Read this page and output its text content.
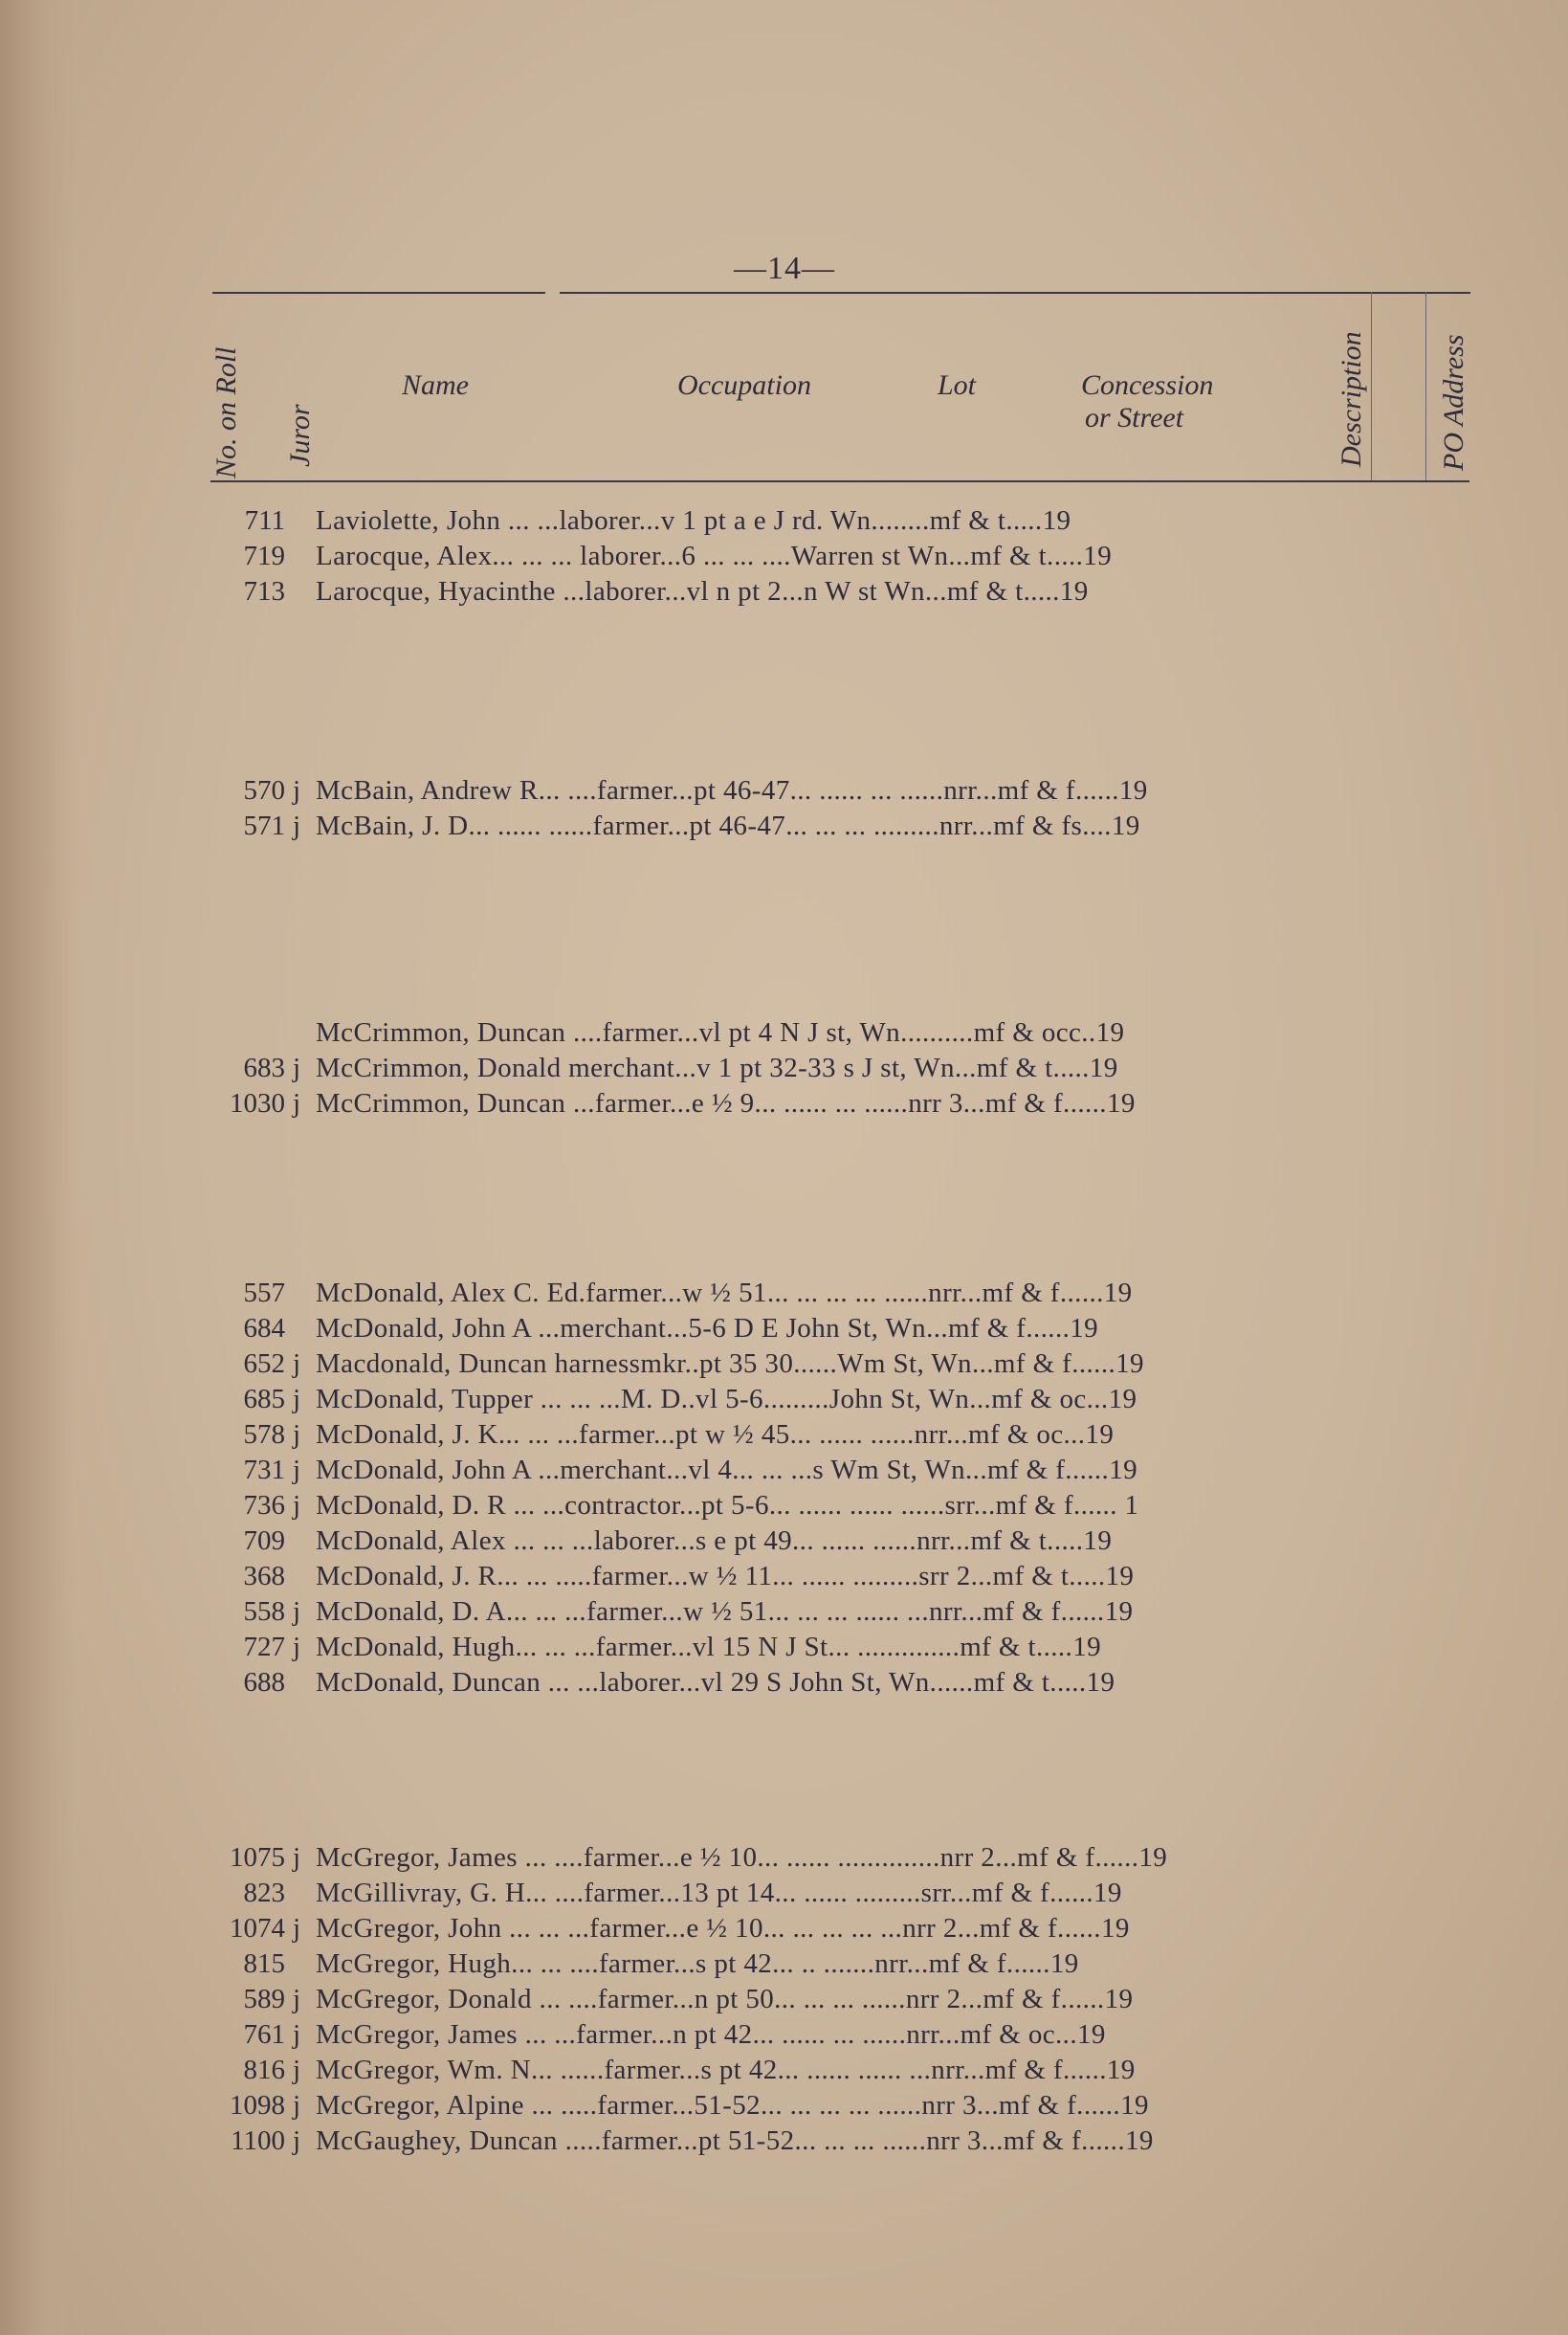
—14—
No. on Roll Juror
Name	Occupation	Lot	Concession
or Street	Description PO Address
711 Laviolette, John ... ...laborer...v 1 pt a e J rd. Wn........mf & t.....19
719 Larocque, Alex... ... ... laborer...6 ... ... ....Warren st Wn...mf & t.....19
713 Larocque, Hyacinthe ...laborer...vl n pt 2...n W st Wn...mf & t.....19
570 j McBain, Andrew R... ....farmer...pt 46-47... ...... ... ......nrr...mf & f......19
571 j McBain, J. D... ...... ......farmer...pt 46-47... ... ... .........nrr...mf & fs....19
McCrimmon, Duncan ....farmer...vl pt 4 N J st, Wn..........mf & occ..19
683 j McCrimmon, Donald merchant...v 1 pt 32-33 s J st, Wn...mf & t.....19
1030 j McCrimmon, Duncan ...farmer...e ½ 9... ...... ... ......nrr 3...mf & f......19
557 McDonald, Alex C. Ed.farmer...w ½ 51... ... ... ... ......nrr...mf & f......19
684 McDonald, John A ...merchant...5-6 D E John St, Wn...mf & f......19
652 j Macdonald, Duncan harnessmkr..pt 35 30......Wm St, Wn...mf & f......19
685 j McDonald, Tupper ... ... ...M. D..vl 5-6.........John St, Wn...mf & oc...19
578 j McDonald, J. K... ... ...farmer...pt w ½ 45... ...... ......nrr...mf & oc...19
731 j McDonald, John A ...merchant...vl 4... ... ...s Wm St, Wn...mf & f......19
736 j McDonald, D. R ... ...contractor...pt 5-6... ...... ...... ......srr...mf & f...... 1
709 McDonald, Alex ... ... ...laborer...s e pt 49... ...... ......nrr...mf & t.....19
368 McDonald, J. R... ... .....farmer...w ½ 11... ...... .........srr 2...mf & t.....19
558 j McDonald, D. A... ... ...farmer...w ½ 51... ... ... ...... ...nrr...mf & f......19
727 j McDonald, Hugh... ... ...farmer...vl 15 N J St... ..............mf & t.....19
688 McDonald, Duncan ... ...laborer...vl 29 S John St, Wn......mf & t.....19
1075 j McGregor, James ... ....farmer...e ½ 10... ...... ..............nrr 2...mf & f......19
823 McGillivray, G. H... ....farmer...13 pt 14... ...... .........srr...mf & f......19
1074 j McGregor, John ... ... ...farmer...e ½ 10... ... ... ... ...nrr 2...mf & f......19
815 McGregor, Hugh... ... ....farmer...s pt 42... .. .......nrr...mf & f......19
589 j McGregor, Donald ... ....farmer...n pt 50... ... ... ......nrr 2...mf & f......19
761 j McGregor, James ... ...farmer...n pt 42... ...... ... ......nrr...mf & oc...19
816 j McGregor, Wm. N... ......farmer...s pt 42... ...... ...... ...nrr...mf & f......19
1098 j McGregor, Alpine ... .....farmer...51-52... ... ... ... ......nrr 3...mf & f......19
1100 j McGaughey, Duncan .....farmer...pt 51-52... ... ... ......nrr 3...mf & f......19
